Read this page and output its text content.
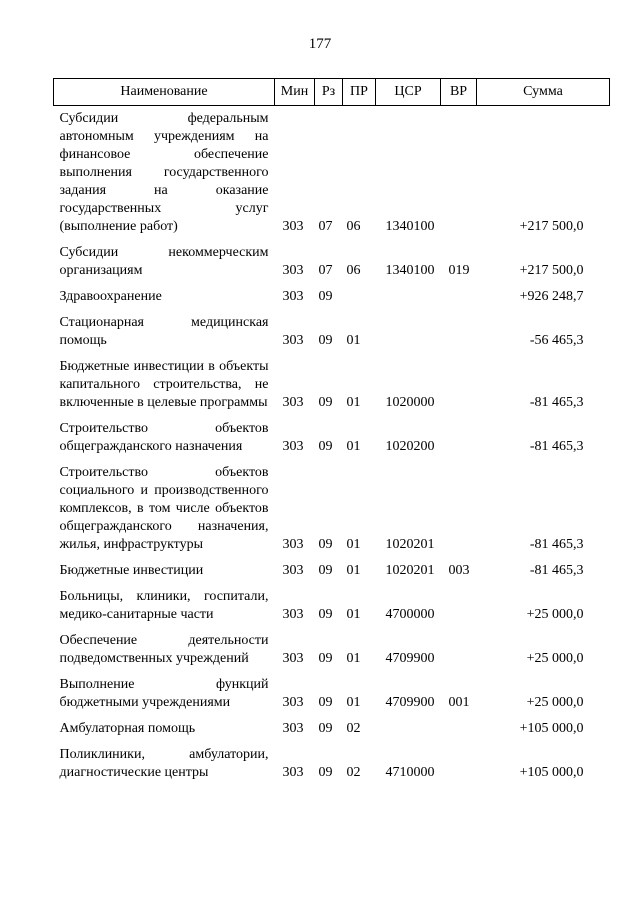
177
Наименование	Мин	Рз	ПР	ЦСР	ВР	Сумма
Субсидии федеральным автономным учреждениям на финансовое обеспечение выполнения государственного задания на оказание государственных услуг (выполнение работ)	303	07	06	1340100		+217 500,0
Субсидии некоммерческим организациям	303	07	06	1340100	019	+217 500,0
Здравоохранение	303	09				+926 248,7
Стационарная медицинская помощь	303	09	01			-56 465,3
Бюджетные инвестиции в объекты капитального строительства, не включенные в целевые программы	303	09	01	1020000		-81 465,3
Строительство объектов общегражданского назначения	303	09	01	1020200		-81 465,3
Строительство объектов социального и производственного комплексов, в том числе объектов общегражданского назначения, жилья, инфраструктуры	303	09	01	1020201		-81 465,3
Бюджетные инвестиции	303	09	01	1020201	003	-81 465,3
Больницы, клиники, госпитали, медико-санитарные части	303	09	01	4700000		+25 000,0
Обеспечение деятельности подведомственных учреждений	303	09	01	4709900		+25 000,0
Выполнение функций бюджетными учреждениями	303	09	01	4709900	001	+25 000,0
Амбулаторная помощь	303	09	02			+105 000,0
Поликлиники, амбулатории, диагностические центры	303	09	02	4710000		+105 000,0
